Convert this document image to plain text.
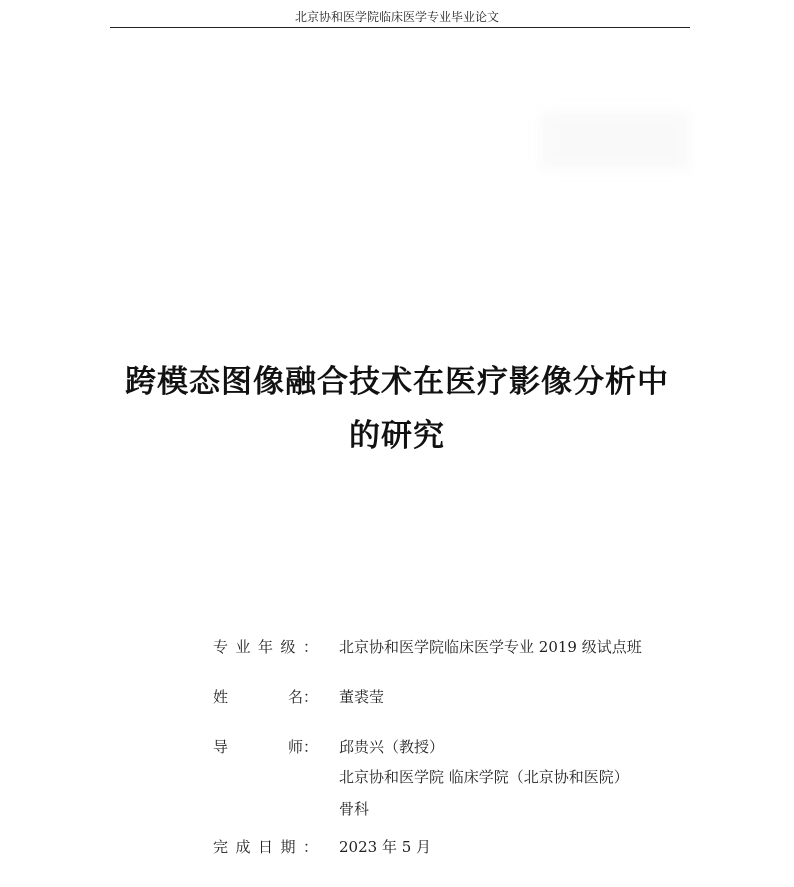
北京协和医学院临床医学专业毕业论文
跨模态图像融合技术在医疗影像分析中
的研究
专 业 年 级 ： 北京协和医学院临床医学专业 2019 级试点班
姓	名 ： 董裘莹
导	师 ： 邱贵兴（教授）
北京协和医学院 临床学院（北京协和医院）
骨科
完 成 日 期 ： 2023 年 5 月
